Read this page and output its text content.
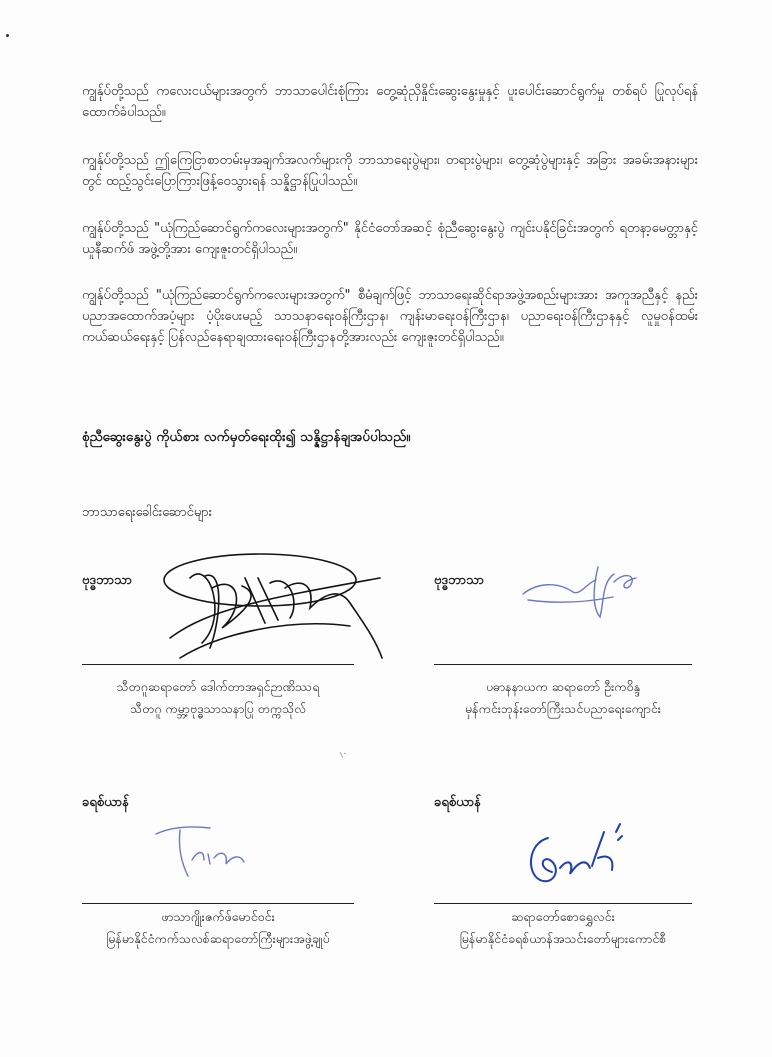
ကျွန်ုပ်တို့သည် ကလေးငယ်များအတွက် ဘာသာပေါင်းစုံကြား တွေ့ဆုံညှိနှိုင်းဆွေးနွေးမှုနှင့် ပူးပေါင်းဆောင်ရွက်မှု တစ်ရပ် ပြုလုပ်ရန် ထောက်ခံပါသည်။

ကျွန်ုပ်တို့သည် ဤကြေငြာစာတမ်းမှအချက်အလက်များကို ဘာသာရေးပွဲများ၊ တရားပွဲများ၊ တွေ့ဆုံပွဲများနှင့် အခြား အခမ်းအနားများတွင် ထည့်သွင်းပြောကြားဖြန့်ဝေသွားရန် သန္နိဋ္ဌာန်ပြုပါသည်။

ကျွန်ုပ်တို့သည် "ယုံကြည်ဆောင်ရွက်ကလေးများအတွက်" နိုင်ငံတော်အဆင့် စုံညီဆွေးနွေးပွဲ ကျင်းပနိုင်ခြင်းအတွက် ရတနာ့မေတ္တာနှင့် ယူနီဆက်ဖ် အဖွဲ့တို့အား ကျေးဇူးတင်ရှိပါသည်။

ကျွန်ုပ်တို့သည် "ယုံကြည်ဆောင်ရွက်ကလေးများအတွက်" စီမံချက်ဖြင့် ဘာသာရေးဆိုင်ရာအဖွဲ့အစည်းများအား အကူအညီနှင့် နည်းပညာအထောက်အပံ့များ ပံ့ပိုးပေးမည့် သာသနာရေးဝန်ကြီးဌာန၊ ကျန်းမာရေးဝန်ကြီးဌာန၊ ပညာရေးဝန်ကြီးဌာနနှင့် လူမှုဝန်ထမ်းကယ်ဆယ်ရေးနှင့် ပြန်လည်နေရာချထားရေးဝန်ကြီးဌာနတို့အားလည်း ကျေးဇူးတင်ရှိပါသည်။

စုံညီဆွေးနွေးပွဲ ကိုယ်စား လက်မှတ်ရေးထိုး၍ သန္နိဋ္ဌာန်ချအပ်ပါသည်။

ဘာသာရေးခေါင်းဆောင်များ

ဗုဒ္ဓဘာသာ

သီတဂူဆရာတော် ဒေါက်တာအရှင်ဉာဏိဿရ

သီတဂူ ကမ္ဘာ့ဗုဒ္ဓသာသနာပြု တက္ကသိုလ်

ဗုဒ္ဓဘာသာ

ပဓာနနာယက ဆရာတော် ဦးကဝိန္ဒ

မှန်ကင်းဘုန်းတော်ကြီးသင်ပညာရေးကျောင်း

ခရစ်ယာန်

ဖာသာဂျိုးဇက်ဖ်မောင်ဝင်း

မြန်မာနိုင်ငံကက်သလစ်ဆရာတော်ကြီးများအဖွဲ့ချုပ်

ခရစ်ယာန်

ဆရာတော်စောရွှေလင်း

မြန်မာနိုင်ငံခရစ်ယာန်အသင်းတော်များကောင်စီ
